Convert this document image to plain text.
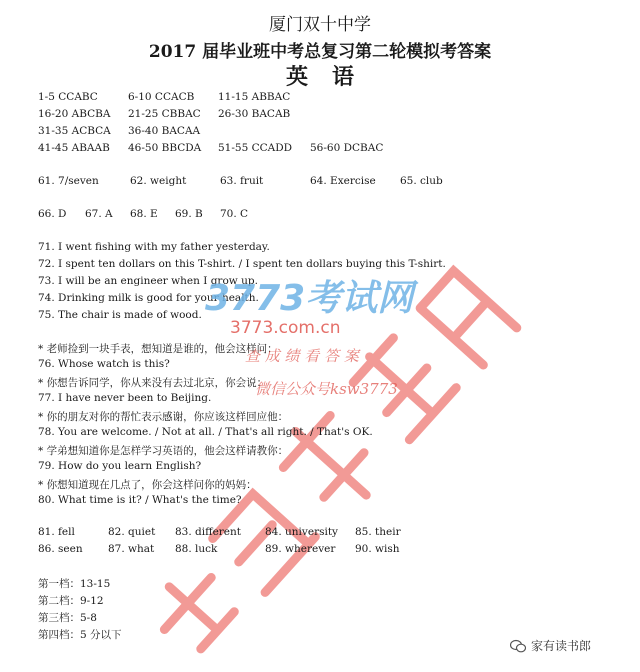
厦门双十中学
2017 届毕业班中考总复习第二轮模拟考答案
英语
1-5 CCABC	6-10 CCACB 11-15 ABBAC
16-20 ABCBA 21-25 CBBAC 26-30 BACAB
31-35 ACBCA 36-40 BACAA
41-45 ABAAB 46-50 BBCDA 51-55 CCADD 56-60 DCBAC
61. 7/seven	62. weight	63. fruit	64. Exercise 65. club
66. D 67. A 68. E 69. B 70. C
71. I went fishing with my father yesterday.
72. I spent ten dollars on this T-shirt. / I spent ten dollars buying this T-shirt.
73. I will be an engineer when I grow up.
74. Drinking milk is good for your health.
75. The chair is made of wood.
* 老师捡到一块手表，想知道是谁的，他会这样问：
76. Whose watch is this?
* 你想告诉同学，你从来没有去过北京，你会说：
77. I have never been to Beijing.
* 你的朋友对你的帮忙表示感谢，你应该这样回应他：
78. You are welcome. / Not at all. / That's all right. / That's OK.
* 学弟想知道你是怎样学习英语的，他会这样请教你：
79. How do you learn English?
* 你想知道现在几点了，你会这样问你的妈妈：
80. What time is it? / What's the time?
81. fell	82. quiet 83. different 84. university 85. their
86. seen 87. what 88. luck	89. wherever 90. wish
第一档：13-15
第二档：9-12
第三档：5-8
第四档：5 分以下
3773考试网
3773.com.cn
查 成 绩 看 答 案
微信公众号ksw3773
家有读书郎
